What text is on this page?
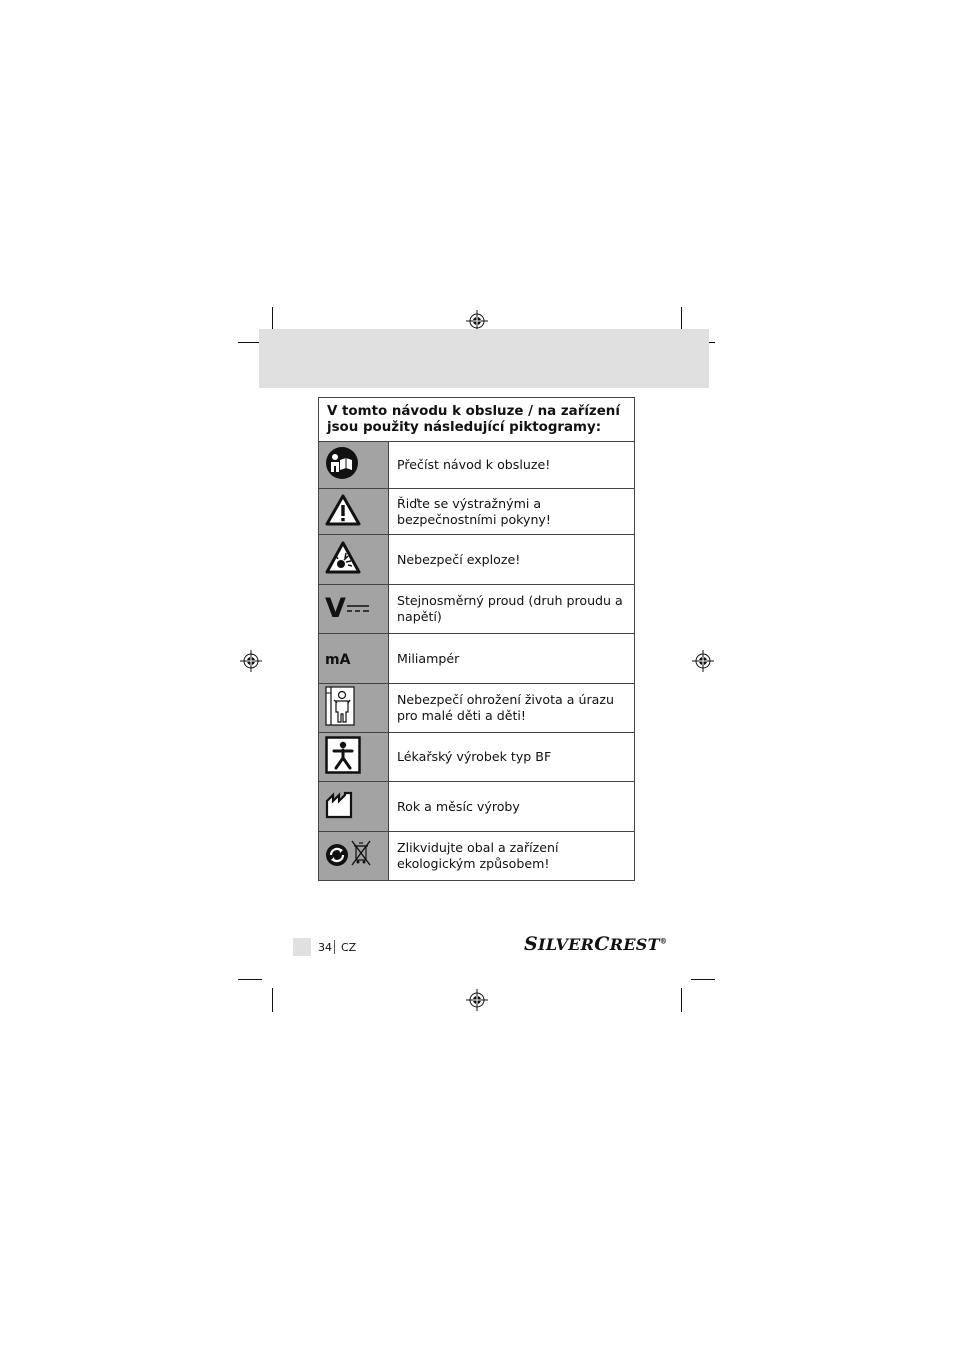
V tomto návodu k obsluze / na zařízení jsou použity následující piktogramy:	
	Přečíst návod k obsluze!
	Řiďte se výstražnými a bezpečnostními pokyny!
	Nebezpečí exploze!

V	Stejnosměrný proud (druh proudu a napětí)
mA	Miliampér
	Nebezpečí ohrožení života a úrazu pro malé děti a děti!
	Lékařský výrobek typ BF
	Rok a měsíc výroby
	Zlikvidujte obal a zařízení ekologickým způsobem!
34 CZ	SILVERCREST®
